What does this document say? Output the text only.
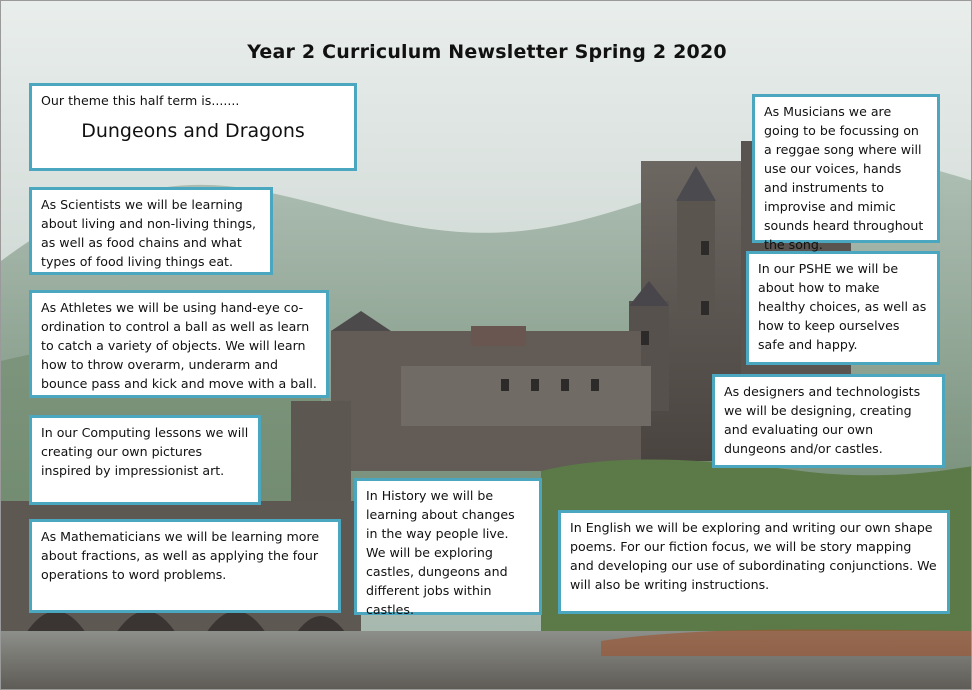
Year 2 Curriculum Newsletter Spring 2 2020
Our theme this half term is.......
Dungeons and Dragons
As Scientists we will be learning about living and non-living things, as well as food chains and what types of food living things eat.
As Athletes we will be using hand-eye co-ordination to control a ball as well as learn to catch a variety of objects. We will learn how to throw overarm, underarm and bounce pass and kick and move with a ball.
In our Computing lessons we will creating our own pictures inspired by impressionist art.
As Mathematicians we will be learning more about fractions, as well as applying the four operations to word problems.
In History we will be learning about changes in the way people live. We will be exploring castles, dungeons and different jobs within castles.
In English we will be exploring and writing our own shape poems. For our fiction focus, we will be story mapping and developing our use of subordinating conjunctions. We will also be writing instructions.
As designers and technologists we will be designing, creating and evaluating our own dungeons and/or castles.
In our PSHE we will be about how to make healthy choices, as well as how to keep ourselves safe and happy.
As Musicians we are going to be focussing on a reggae song where will use our voices, hands and instruments to improvise and mimic sounds heard throughout the song.
